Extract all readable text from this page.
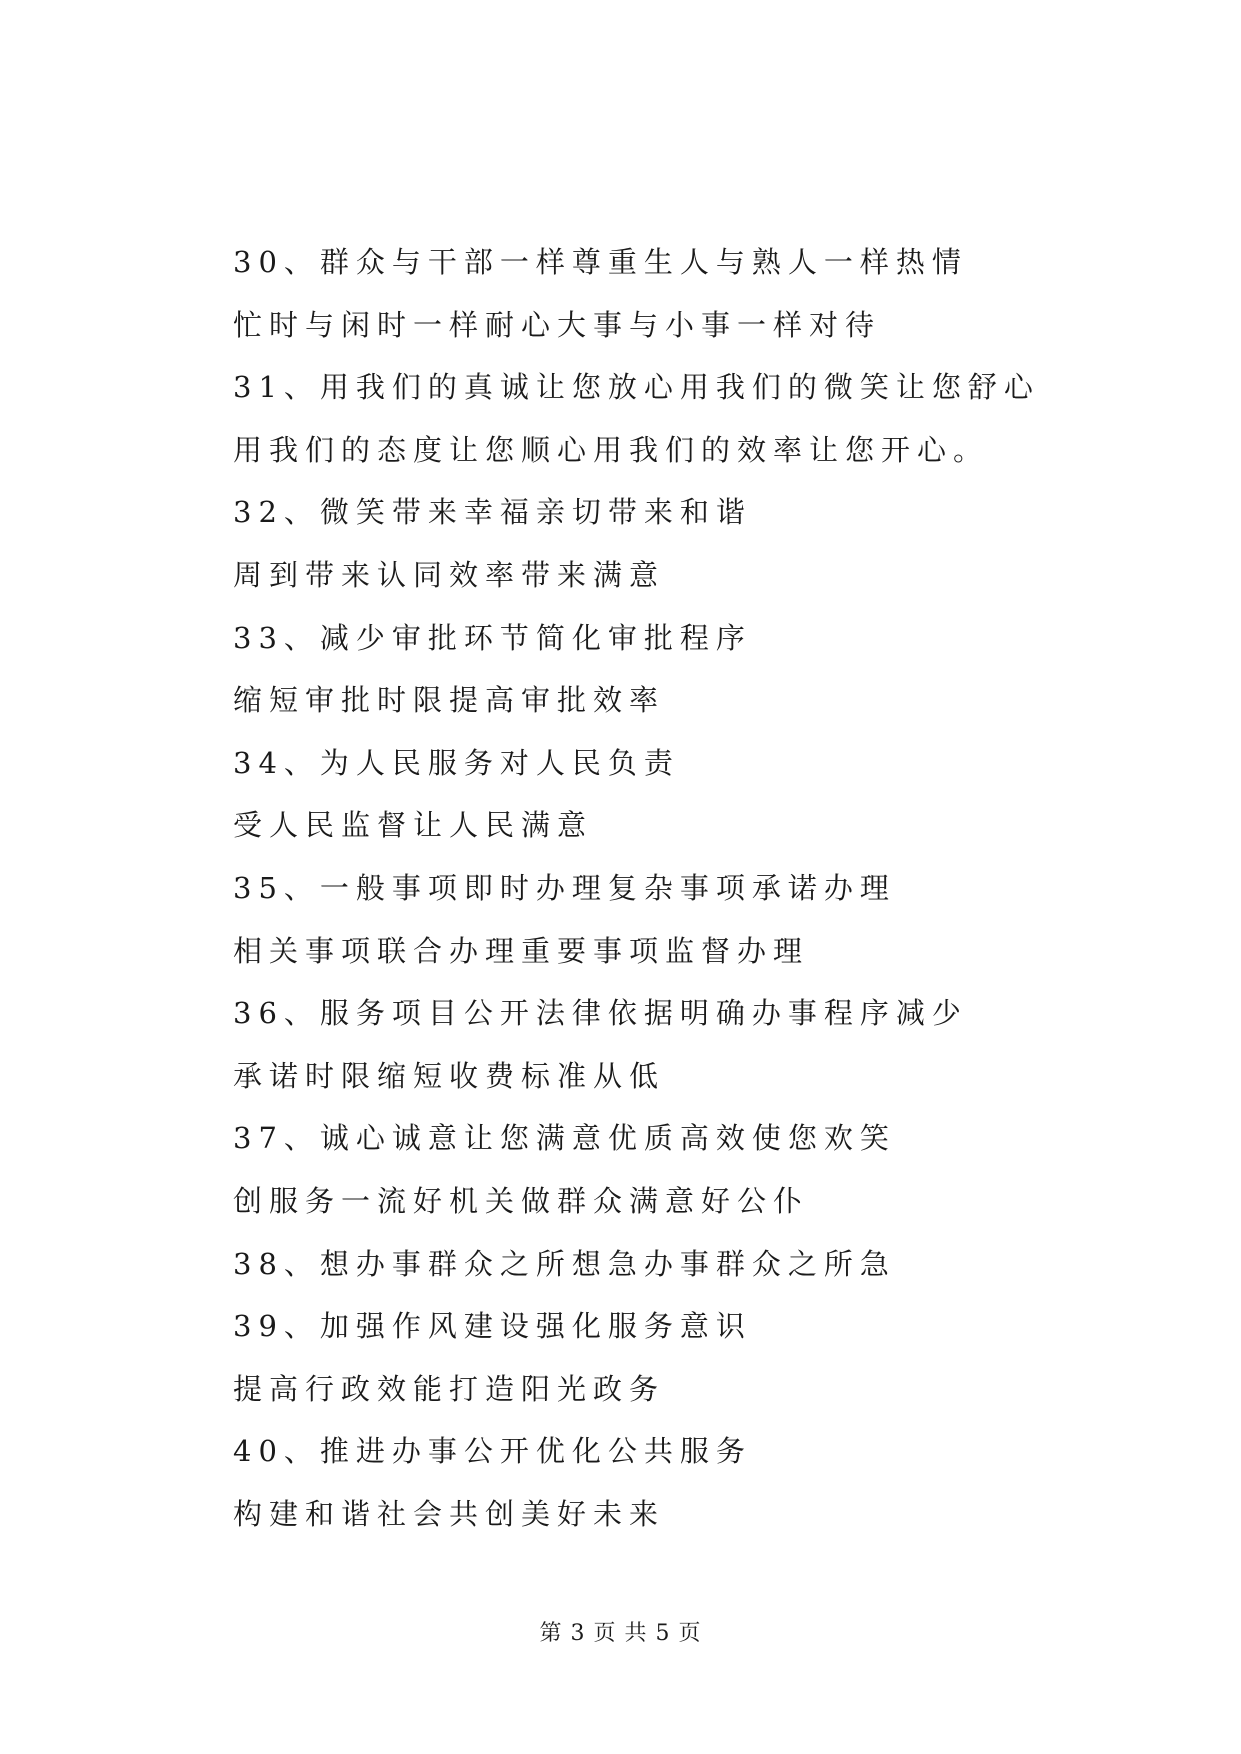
30、群众与干部一样尊重生人与熟人一样热情
忙时与闲时一样耐心大事与小事一样对待
31、用我们的真诚让您放心用我们的微笑让您舒心
用我们的态度让您顺心用我们的效率让您开心。
32、微笑带来幸福亲切带来和谐
周到带来认同效率带来满意
33、减少审批环节简化审批程序
缩短审批时限提高审批效率
34、为人民服务对人民负责
受人民监督让人民满意
35、一般事项即时办理复杂事项承诺办理
相关事项联合办理重要事项监督办理
36、服务项目公开法律依据明确办事程序减少
承诺时限缩短收费标准从低
37、诚心诚意让您满意优质高效使您欢笑
创服务一流好机关做群众满意好公仆
38、想办事群众之所想急办事群众之所急
39、加强作风建设强化服务意识
提高行政效能打造阳光政务
40、推进办事公开优化公共服务
构建和谐社会共创美好未来
第 3 页 共 5 页
